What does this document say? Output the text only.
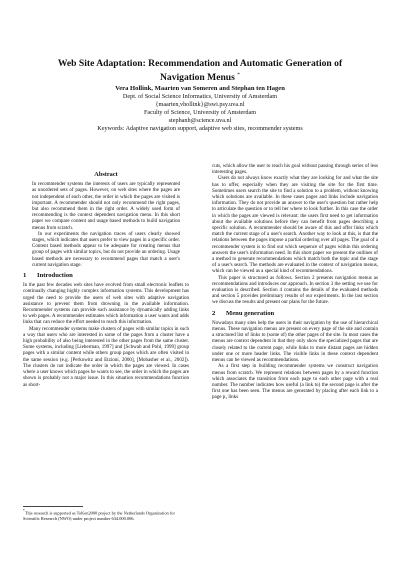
Web Site Adaptation: Recommendation and Automatic Generation of
Navigation Menus *
Vera Hollink, Maarten van Someren and Stephan ten Hagen
Dept. of Social Science Informatics, University of Amsterdam
{maarten,vhollink}@swi.psy.uva.nl
Faculty of Science, University of Amsterdam
stephanh@science.uva.nl
Keywords: Adaptive navigation support, adaptive web sites, recommender systems
Abstract

In recommender systems the interests of users are typically represented as unordered sets of pages. However, on web sites where the pages are not independent of each other, the order in which the pages are visited is important. A recommender should not only recommend the right pages, but also recommend them in the right order. A widely used form of recommending is the context dependent navigation menu. In this short paper we compare content and usage based methods to build navigation menus from scratch.

In our experiments the navigation traces of users clearly showed stages, which indicates that users prefer to view pages in a specific order. Content based methods appear to be adequate for creating menus that group of pages with similar topics, but do not provide an ordering. Usage based methods are necessary to recommend pages that match a user's current navigation stage.

1 Introduction

In the past few decades web sites have evolved from small electronic leaflets to continually changing highly complex information systems. This development has urged the need to provide the users of web sites with adaptive navigation assistance to prevent them from drowning in the available information. Recommender systems can provide such assistance by dynamically adding links to web pages. A recommender estimates which information a user wants and adds links that can reduce the effort needed to reach this information.

Many recommender systems make clusters of pages with similar topics in such a way that users who are interested in some of the pages from a cluster have a high probability of also being interested in the other pages from the same cluster. Some systems, including [Lieberman, 1997] and [Schwab and Pohl, 1999] group pages with a similar content while others group pages which are often visited in the same session (e.g. [Perkowitz and Etzioni, 2000], [Mobasher et al., 2002]). The clusters do not indicate the order in which the pages are viewed. In cases where a user knows which pages he wants to see, the order in which the pages are shown is probably not a major issue. In this situation recommendations function as short-

*This research is supported as ToKen2000 project by the Netherlands Organization for Scientific Research (NWO) under project number 634.000.006.

cuts, which allow the user to reach his goal without passing through series of less interesting pages.

Users do not always know exactly what they are looking for and what the site has to offer, especially when they are visiting the site for the first time. Sometimes users search the site to find a solution to a problem, without knowing which solutions are available. In these cases pages and links include navigation information. They do not provide an answer to the user's question but rather help to articulate the question or to tell her where to look further. In this case the order in which the pages are viewed is relevant: the users first need to get information about the available solutions before they can benefit from pages describing a specific solution. A recommender should be aware of this and offer links which match the current stage of a user's search. Another way to look at this, is that the relations between the pages impose a partial ordering over all pages. The goal of a recommender system is to find out which sequence of pages within this ordering answers the user's information need. In this short paper we present the outlines of a method to generate recommendations which match both the topic and the stage of a user's search. The methods are evaluated in the context of navigation menus, which can be viewed as a special kind of recommendations.

This paper is structured as follows. Section 2 presents navigation menus as recommendations and introduces our approach. In section 3 the setting we use for evaluation is described. Section 4 contains the details of the evaluated methods and section 5 provides preliminary results of our experiments. In the last section we discuss the results and present our plans for the future.

2 Menu generation

Nowadays many sites help the users in their navigation by the use of hierarchical menus. These navigation menus are present on every page of the site and contain a structured list of links to (some of) the other pages of the site. In most cases the menus are context dependent in that they only show the specialized pages that are closely related to the current page, while links to more distant pages are hidden under one or more header links. The visible links in these context dependent menus can be viewed as recommendations.

As a first step in building recommender systems we construct navigation menus from scratch. We represent relations between pages by a reward function which associates the transition from each page to each other page with a real number. The number indicates how useful (a link to) the second page is after the first one has been seen. The menus are generated by placing after each link to a page p₁ links
